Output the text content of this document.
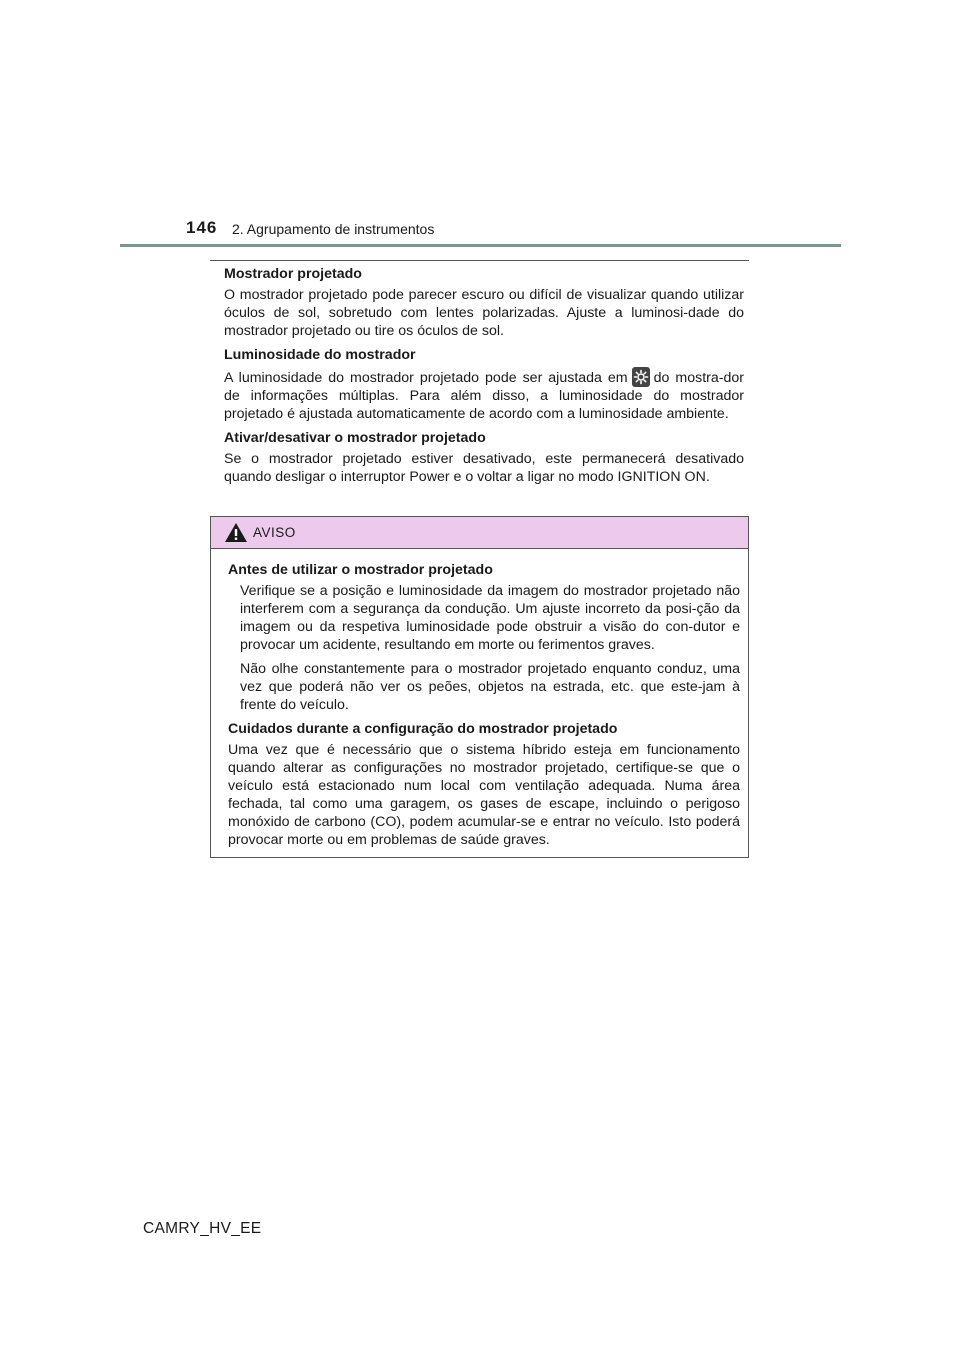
146 2. Agrupamento de instrumentos
Mostrador projetado

O mostrador projetado pode parecer escuro ou difícil de visualizar quando utilizar óculos de sol, sobretudo com lentes polarizadas. Ajuste a luminosi-dade do mostrador projetado ou tire os óculos de sol.

Luminosidade do mostrador

A luminosidade do mostrador projetado pode ser ajustada em do mostra-dor de informações múltiplas. Para além disso, a luminosidade do mostrador projetado é ajustada automaticamente de acordo com a luminosidade ambiente.

Ativar/desativar o mostrador projetado

Se o mostrador projetado estiver desativado, este permanecerá desativado quando desligar o interruptor Power e o voltar a ligar no modo IGNITION ON.

AVISO
Antes de utilizar o mostrador projetado

Verifique se a posição e luminosidade da imagem do mostrador projetado não interferem com a segurança da condução. Um ajuste incorreto da posi-ção da imagem ou da respetiva luminosidade pode obstruir a visão do con-dutor e provocar um acidente, resultando em morte ou ferimentos graves.

Não olhe constantemente para o mostrador projetado enquanto conduz, uma vez que poderá não ver os peões, objetos na estrada, etc. que este-jam à frente do veículo.

Cuidados durante a configuração do mostrador projetado

Uma vez que é necessário que o sistema híbrido esteja em funcionamento quando alterar as configurações no mostrador projetado, certifique-se que o veículo está estacionado num local com ventilação adequada. Numa área fechada, tal como uma garagem, os gases de escape, incluindo o perigoso monóxido de carbono (CO), podem acumular-se e entrar no veículo. Isto poderá provocar morte ou em problemas de saúde graves.

CAMRY_HV_EE
